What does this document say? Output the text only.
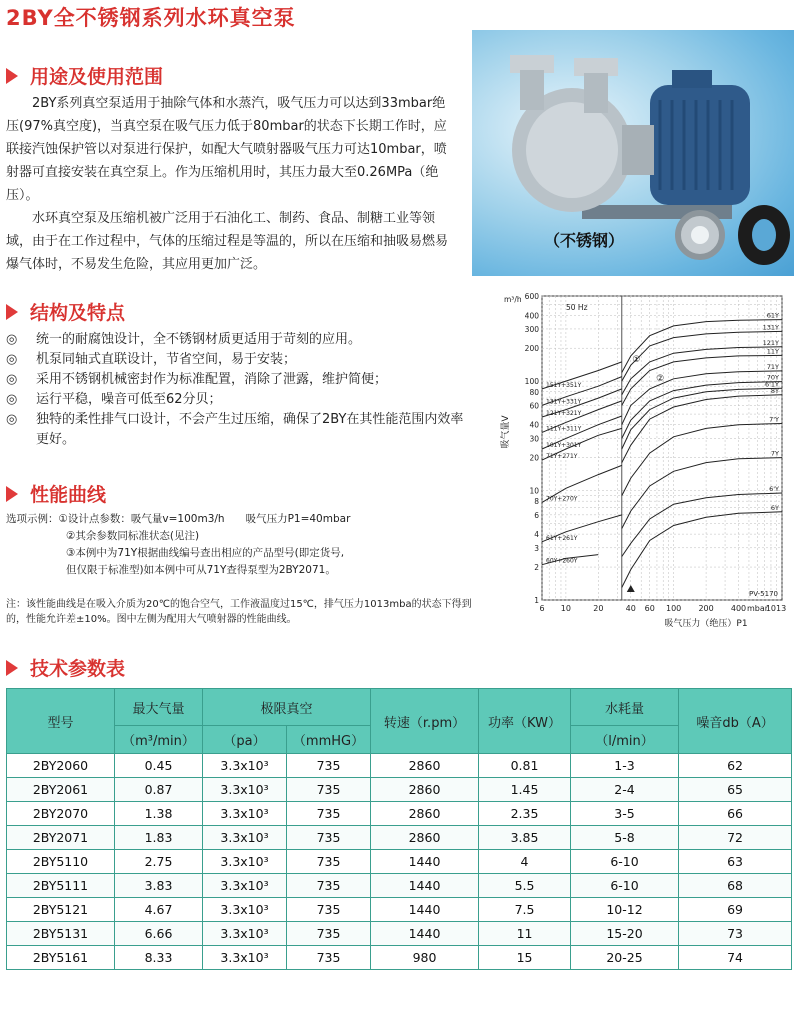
2BY全不锈钢系列水环真空泵
用途及使用范围

2BY系列真空泵适用于抽除气体和水蒸汽，吸气压力可以达到33mbar绝压(97%真空度)，当真空泵在吸气压力低于80mbar的状态下长期工作时，应联接汽蚀保护管以对泵进行保护，如配大气喷射器吸气压力可达10mbar，喷射器可直接安装在真空泵上。作为压缩机用时，其压力最大至0.26MPa（绝压）。

水环真空泵及压缩机被广泛用于石油化工、制药、食品、制糖工业等领域，由于在工作过程中，气体的压缩过程是等温的，所以在压缩和抽吸易燃易爆气体时，不易发生危险，其应用更加广泛。

结构及特点
◎	统一的耐腐蚀设计，全不锈钢材质更适用于苛刻的应用。
◎	机泵同轴式直联设计，节省空间，易于安装；
◎	采用不锈钢机械密封作为标准配置，消除了泄露，维护简便；
◎	运行平稳，噪音可低至62分贝；
◎	独特的柔性排气口设计，不会产生过压缩，确保了2BY在其性能范围内效率更好。
性能曲线
选项示例：①设计点参数：吸气量v=100m3/h　　吸气压力P1=40mbar
②其余参数同标准状态(见注)
③本例中为71Y根据曲线编号查出相应的产品型号(即定货号,
但仅限于标准型)如本例中可从71Y查得泵型为2BY2071。
注：该性能曲线是在吸入介质为20℃的饱合空气，工作液温度过15℃，排气压力1013mba的状态下得到的，性能允许差±10%。图中左侧为配用大气喷射器的性能曲线。
（不锈钢）
6 10	20	40 60 100 200 400 mbar
1013
600
400
300
200
100
80
60
40
30
20
10
8
6
4
3
2
1
吸气量V
m³/h
吸气压力（绝压）P1
50 Hz
PV-5170
①
②
6Y
6'Y
7Y
7'Y
8Y
6'1Y
70Y
71Y
11Y
121Y
131Y
61Y
60Y+260Y
61Y+261Y
70Y+270Y
71Y+271Y
101Y+301Y
111Y+311Y
121Y+321Y
131Y+331Y
151Y+351Y
技术参数表
型号	最大气量	极限真空		转速（r.pm）	功率（KW）	水耗量	噪音db（A）
	（m³/min）	（pa）	（mmHG）			（l/min）	
2BY2060	0.45	3.3x10³	735	2860	0.81	1-3	62
2BY2061	0.87	3.3x10³	735	2860	1.45	2-4	65
2BY2070	1.38	3.3x10³	735	2860	2.35	3-5	66
2BY2071	1.83	3.3x10³	735	2860	3.85	5-8	72
2BY5110	2.75	3.3x10³	735	1440	4	6-10	63
2BY5111	3.83	3.3x10³	735	1440	5.5	6-10	68
2BY5121	4.67	3.3x10³	735	1440	7.5	10-12	69
2BY5131	6.66	3.3x10³	735	1440	11	15-20	73
2BY5161	8.33	3.3x10³	735	980	15	20-25	74
